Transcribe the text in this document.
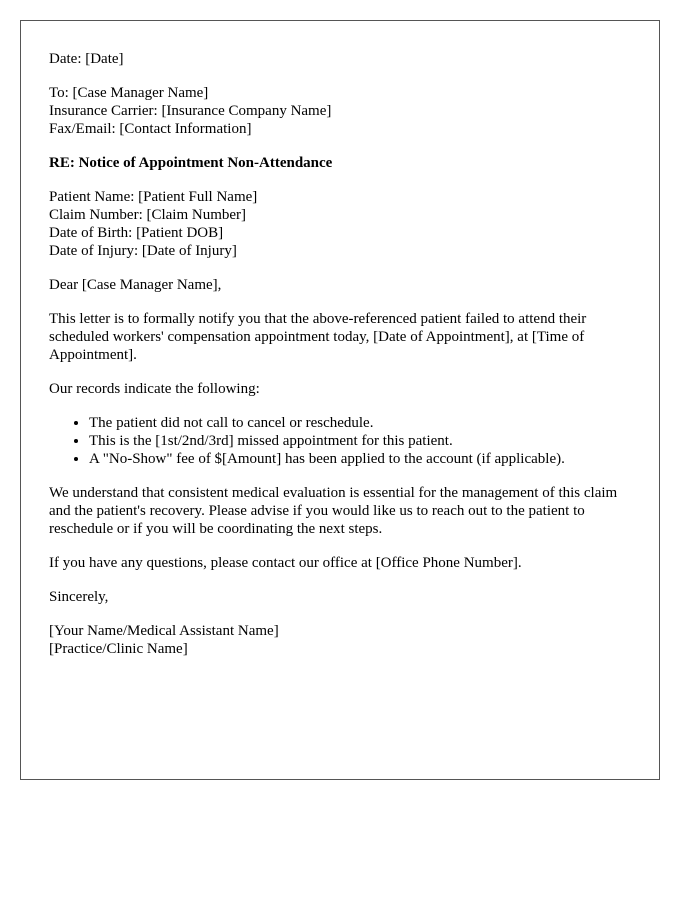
Date: [Date]
To: [Case Manager Name]
Insurance Carrier: [Insurance Company Name]
Fax/Email: [Contact Information]
RE: Notice of Appointment Non-Attendance
Patient Name: [Patient Full Name]
Claim Number: [Claim Number]
Date of Birth: [Patient DOB]
Date of Injury: [Date of Injury]

Dear [Case Manager Name],

This letter is to formally notify you that the above-referenced patient failed to attend their scheduled workers' compensation appointment today, [Date of Appointment], at [Time of Appointment].

Our records indicate the following:

• The patient did not call to cancel or reschedule.
• This is the [1st/2nd/3rd] missed appointment for this patient.
• A "No-Show" fee of $[Amount] has been applied to the account (if applicable).

We understand that consistent medical evaluation is essential for the management of this claim and the patient's recovery. Please advise if you would like us to reach out to the patient to reschedule or if you will be coordinating the next steps.

If you have any questions, please contact our office at [Office Phone Number].

Sincerely,

[Your Name/Medical Assistant Name]
[Practice/Clinic Name]
